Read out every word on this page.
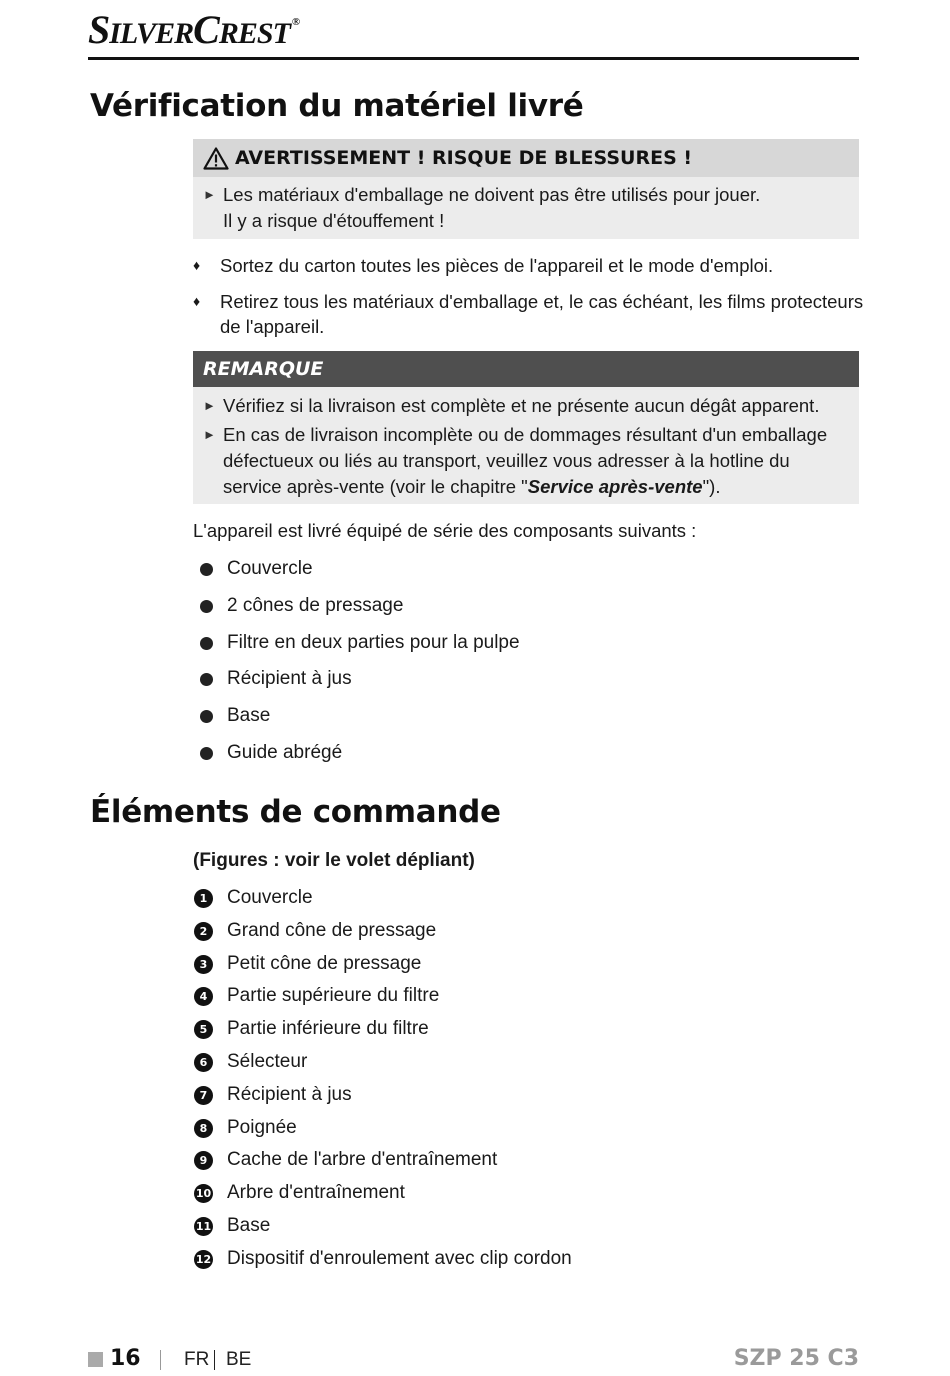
SILVERCREST ®
Vérification du matériel livré
AVERTISSEMENT ! RISQUE DE BLESSURES !
► Les matériaux d'emballage ne doivent pas être utilisés pour jouer.
Il y a risque d'étouffement !
♦ Sortez du carton toutes les pièces de l'appareil et le mode d'emploi.
♦ Retirez tous les matériaux d'emballage et, le cas échéant, les films protecteurs
de l'appareil.
REMARQUE
► Vérifiez si la livraison est complète et ne présente aucun dégât apparent.
► En cas de livraison incomplète ou de dommages résultant d'un emballage
défectueux ou liés au transport, veuillez vous adresser à la hotline du
service après-vente (voir le chapitre "Service après-vente").
L'appareil est livré équipé de série des composants suivants :
Couvercle
2 cônes de pressage
Filtre en deux parties pour la pulpe
Récipient à jus
Base
Guide abrégé
Éléments de commande
(Figures : voir le volet dépliant)
1 Couvercle
2 Grand cône de pressage
3 Petit cône de pressage
4 Partie supérieure du filtre
5 Partie inférieure du filtre
6 Sélecteur
7 Récipient à jus
8 Poignée
9 Cache de l'arbre d'entraînement
10 Arbre d'entraînement
11 Base
12 Dispositif d'enroulement avec clip cordon
16 FR BE	SZP 25 C3
